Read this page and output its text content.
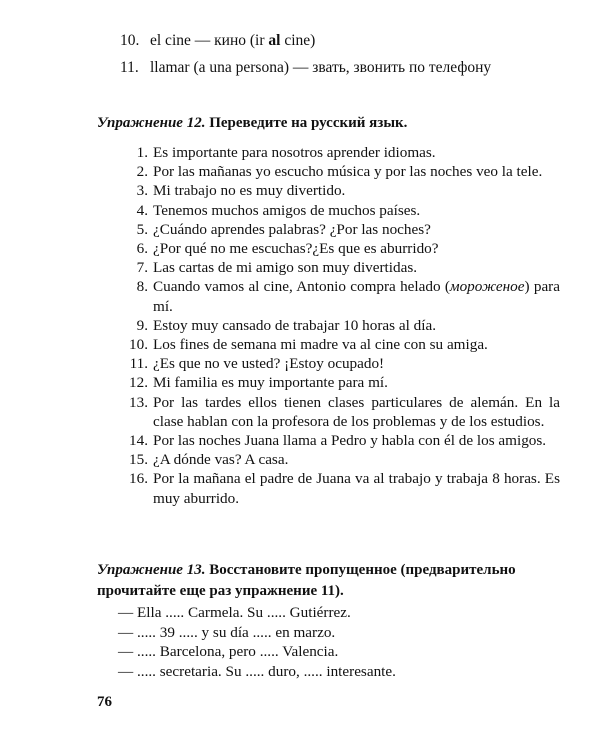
10. el cine — кино (ir al cine)
11. llamar (a una persona) — звать, звонить по телефону
Упражнение 12. Переведите на русский язык.
1. Es importante para nosotros aprender idiomas.
2. Por las mañanas yo escucho música y por las noches veo la tele.
3. Mi trabajo no es muy divertido.
4. Tenemos muchos amigos de muchos países.
5. ¿Cuándo aprendes palabras? ¿Por las noches?
6. ¿Por qué no me escuchas?¿Es que es aburrido?
7. Las cartas de mi amigo son muy divertidas.
8. Cuando vamos al cine, Antonio compra helado (мороженое) para mí.
9. Estoy muy cansado de trabajar 10 horas al día.
10. Los fines de semana mi madre va al cine con su amiga.
11. ¿Es que no ve usted? ¡Estoy ocupado!
12. Mi familia es muy importante para mí.
13. Por las tardes ellos tienen clases particulares de alemán. En la clase hablan con la profesora de los problemas y de los estudios.
14. Por las noches Juana llama a Pedro y habla con él de los amigos.
15. ¿A dónde vas? A casa.
16. Por la mañana el padre de Juana va al trabajo y trabaja 8 horas. Es muy aburrido.
Упражнение 13. Восстановите пропущенное (предварительно прочитайте еще раз упражнение 11).
— Ella ..... Carmela. Su ..... Gutiérrez.
— ..... 39 ..... y su día ..... en marzo.
— ..... Barcelona, pero ..... Valencia.
— ..... secretaria. Su ..... duro, ..... interesante.
76
